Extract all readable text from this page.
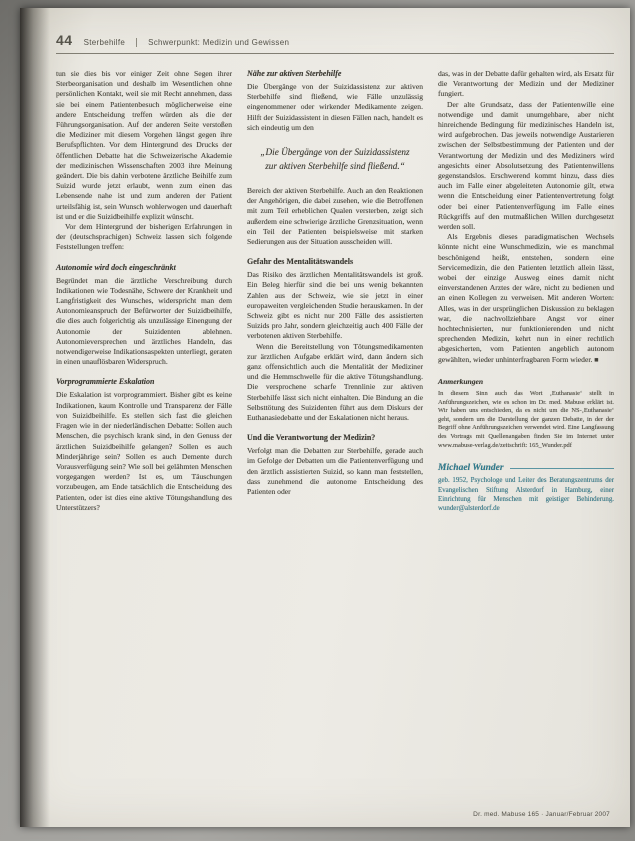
44 Sterbehilfe	Schwerpunkt: Medizin und Gewissen

tun sie dies bis vor einiger Zeit ohne Segen ihrer Sterbeorganisation und deshalb im Wesentlichen ohne persönlichen Kontakt, weil sie mit Recht annehmen, dass sie bei einem Patientenbesuch möglicherweise eine andere Entscheidung treffen würden als die der Führungsorganisation. Auf der anderen Seite verstoßen die Mediziner mit diesem Vorgehen längst gegen ihre Berufspflichten. Vor dem Hintergrund des Drucks der öffentlichen Debatte hat die Schweizerische Akademie der medizinischen Wissenschaften 2003 ihre Meinung geändert. Die bis dahin verbotene ärztliche Beihilfe zum Suizid wurde jetzt erlaubt, wenn zum einen das Lebensende nahe ist und zum anderen der Patient urteilsfähig ist, sein Wunsch wohlerwogen und dauerhaft ist und er die Suizidbeihilfe explizit wünscht.

Vor dem Hintergrund der bisherigen Erfahrungen in der (deutschsprachigen) Schweiz lassen sich folgende Feststellungen treffen:

Autonomie wird doch eingeschränkt

Begründet man die ärztliche Verschreibung durch Indikationen wie Todesnähe, Schwere der Krankheit und Langfristigkeit des Wunsches, widerspricht man dem Autonomieanspruch der Befürworter der Suizidbeihilfe, die dies auch folgerichtig als unzulässige Einengung der Autonomie der Suizidenten ablehnen. Autonomieversprechen und ärztliches Handeln, das notwendigerweise Indikationsaspekten unterliegt, geraten in einen unauflösbaren Widerspruch.

Vorprogrammierte Eskalation

Die Eskalation ist vorprogrammiert. Bisher gibt es keine Indikationen, kaum Kontrolle und Transparenz der Fälle von Suizidbeihilfe. Es stellen sich fast die gleichen Fragen wie in der niederländischen Debatte: Sollen auch Menschen, die psychisch krank sind, in den Genuss der ärztlichen Suizidbeihilfe gelangen? Sollen es auch Minderjährige sein? Sollen es auch Demente durch Vorausverfügung sein? Wie soll bei gelähmten Menschen vorgegangen werden? Ist es, um Täuschungen vorzubeugen, am Ende tatsächlich die Entscheidung des Patienten, oder ist dies eine aktive Tötungshandlung des Unterstützers?

Nähe zur aktiven Sterbehilfe

Die Übergänge von der Suizidassistenz zur aktiven Sterbehilfe sind fließend, wie Fälle unzulässig eingenommener oder wirkender Medikamente zeigen. Hilft der Suizidassistent in diesen Fällen nach, handelt es sich eindeutig um den

„Die Übergänge von der Suizidassistenz zur aktiven Sterbehilfe sind fließend.“

Bereich der aktiven Sterbehilfe. Auch an den Reaktionen der Angehörigen, die dabei zusehen, wie die Betroffenen mit zum Teil erheblichen Qualen versterben, zeigt sich außerdem eine schwierige ärztliche Grenzsituation, wenn ein Teil der Patienten beispielsweise mit starken Sedierungen aus der Situation ausscheiden will.

Gefahr des Mentalitätswandels

Das Risiko des ärztlichen Mentalitätswandels ist groß. Ein Beleg hierfür sind die bei uns wenig bekannten Zahlen aus der Schweiz, wie sie jetzt in einer europaweiten vergleichenden Studie herauskamen. In der Schweiz gibt es nicht nur 200 Fälle des assistierten Suizids pro Jahr, sondern gleichzeitig auch 400 Fälle der verbotenen aktiven Sterbehilfe.

Wenn die Bereitstellung von Tötungsmedikamenten zur ärztlichen Aufgabe erklärt wird, dann ändern sich ganz offensichtlich auch die Mentalität der Mediziner und die Hemmschwelle für die aktive Tötungshandlung. Die versprochene scharfe Trennlinie zur aktiven Sterbehilfe lässt sich nicht einhalten. Die Bindung an die Selbsttötung des Suizidenten führt aus dem Diskurs der Euthanasiedebatte und der Eskalationen nicht heraus.

Und die Verantwortung der Medizin?

Verfolgt man die Debatten zur Sterbehilfe, gerade auch im Gefolge der Debatten um die Patientenverfügung und den ärztlich assistierten Suizid, so kann man feststellen, dass zunehmend die autonome Entscheidung des Patienten oder

das, was in der Debatte dafür gehalten wird, als Ersatz für die Verantwortung der Medizin und der Mediziner fungiert.

Der alte Grundsatz, dass der Patientenwille eine notwendige und damit unumgehbare, aber nicht hinreichende Bedingung für medizinisches Handeln ist, wird aufgebrochen. Das jeweils notwendige Austarieren zwischen der Selbstbestimmung der Patienten und der Verantwortung der Medizin und des Mediziners wird angesichts einer Absolutsetzung des Patientenwillens gegenstandslos. Erschwerend kommt hinzu, dass dies auch im Falle einer abgeleiteten Autonomie gilt, etwa wenn die Entscheidung einer Patientenvertretung folgt oder bei einer Patientenverfügung im Falle eines Rückgriffs auf den mutmaßlichen Willen durchgesetzt werden soll.

Als Ergebnis dieses paradigmatischen Wechsels könnte nicht eine Wunschmedizin, wie es manchmal beschönigend heißt, entstehen, sondern eine Servicemedizin, die den Patienten letztlich allein lässt, wobei der einzige Ausweg eines damit nicht einverstandenen Arztes der wäre, nicht zu bedienen und an einen Kollegen zu verweisen. Mit anderen Worten: Alles, was in der ursprünglichen Diskussion zu beklagen war, die nachvollziehbare Angst vor einer hochtechnisierten, nur funktionierenden und nicht sprechenden Medizin, kehrt nun in einer rechtlich abgesicherten, vom Patienten angeblich autonom gewählten, wieder unhinterfragbaren Form wieder. ■

Anmerkungen

In diesem Sinn auch das Wort ‚Euthanasie‘ stellt in Anführungszeichen, wie es schon im Dr. med. Mabuse erklärt ist. Wir haben uns entschieden, da es nicht um die NS-‚Euthanasie‘ geht, sondern um die Darstellung der ganzen Debatte, in der der Begriff ohne Anführungszeichen verwendet wird. Eine Langfassung des Vortrags mit Quellenangaben finden Sie im Internet unter www.mabuse-verlag.de/zeitschrift: 165_Wunder.pdf

Michael Wunder
geb. 1952, Psychologe und Leiter des Beratungszentrums der Evangelischen Stiftung Alsterdorf in Hamburg, einer Einrichtung für Menschen mit geistiger Behinderung. wunder@alsterdorf.de
Dr. med. Mabuse 165 · Januar/Februar 2007
